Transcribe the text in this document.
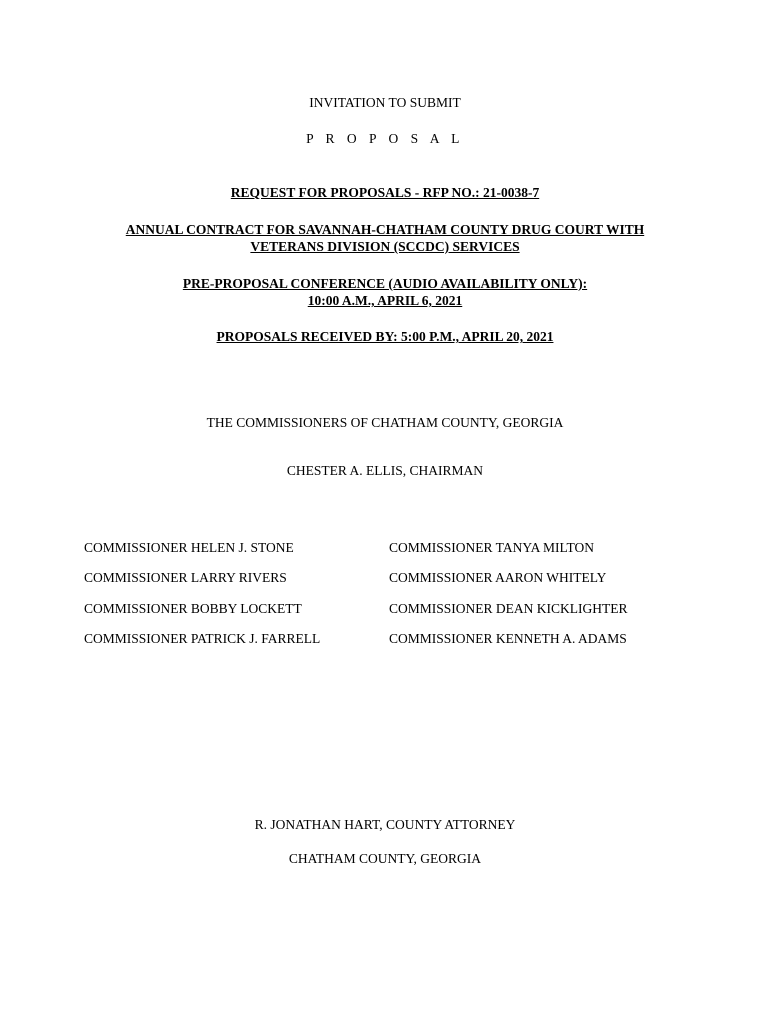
INVITATION TO SUBMIT
P R O P O S A L
REQUEST FOR PROPOSALS - RFP NO.: 21-0038-7
ANNUAL CONTRACT FOR SAVANNAH-CHATHAM COUNTY DRUG COURT WITH
VETERANS DIVISION (SCCDC) SERVICES
PRE-PROPOSAL CONFERENCE (AUDIO AVAILABILITY ONLY):
10:00 A.M., APRIL 6, 2021
PROPOSALS RECEIVED BY: 5:00 P.M., APRIL 20, 2021
THE COMMISSIONERS OF CHATHAM COUNTY, GEORGIA
CHESTER A. ELLIS, CHAIRMAN
COMMISSIONER HELEN J. STONE	COMMISSIONER TANYA MILTON
COMMISSIONER LARRY RIVERS	COMMISSIONER AARON WHITELY
COMMISSIONER BOBBY LOCKETT	COMMISSIONER DEAN KICKLIGHTER
COMMISSIONER PATRICK J. FARRELL	COMMISSIONER KENNETH A. ADAMS
R. JONATHAN HART, COUNTY ATTORNEY
CHATHAM COUNTY, GEORGIA
